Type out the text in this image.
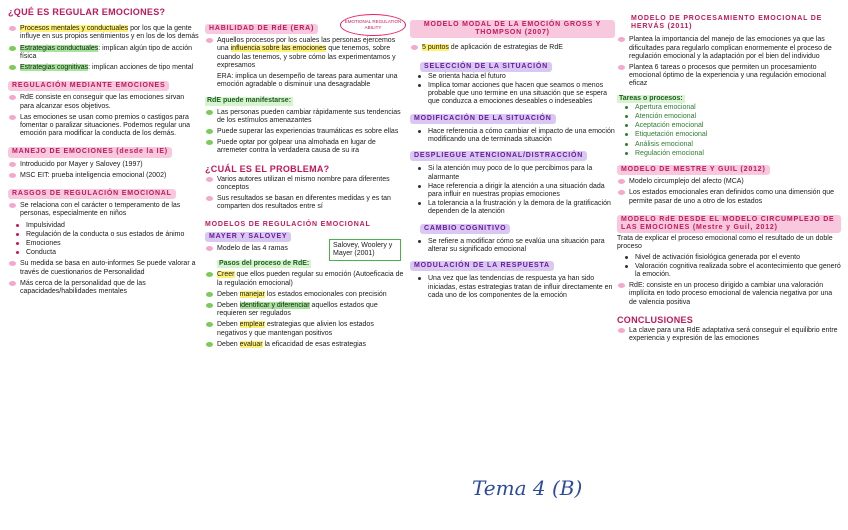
¿QUÉ ES REGULAR EMOCIONES?
Procesos mentales y conductuales por los que la gente influye en sus propios sentimientos y en los de los demás
Estrategias conductuales: implican algún tipo de acción física
Estrategias cognitivas: implican acciones de tipo mental
REGULACIÓN MEDIANTE EMOCIONES
RdE consiste en conseguir que las emociones sirvan para alcanzar esos objetivos.
Las emociones se usan como premios o castigos para fomentar o paralizar situaciones. Podemos regular una emoción para modificar la conducta de los demás.
MANEJO DE EMOCIONES (desde la IE)
Introducido por Mayer y Salovey (1997)
MSC EIT: prueba inteligencia emocional (2002)
RASGOS DE REGULACIÓN EMOCIONAL
Se relaciona con el carácter o temperamento de las personas, especialmente en niños
Impulsividad
Regulación de la conducta o sus estados de ánimo
Emociones
Conducta
Su medida se basa en auto-informes Se puede valorar a través de cuestionarios de Personalidad
Más cerca de la personalidad que de las capacidades/habilidades mentales
EMOTIONAL REGULATION ABILITY
HABILIDAD DE RdE (ERA)
Aquellos procesos por los cuales las personas ejercemos una influencia sobre las emociones que tenemos, sobre cuando las tenemos, y sobre cómo las experimentamos y expresamos

ERA: implica un desempeño de tareas para aumentar una emoción agradable o disminuir una desagradable

RdE puede manifestarse:
Las personas pueden cambiar rápidamente sus tendencias de los estímulos amenazantes
Puede superar las experiencias traumáticas es sobre ellas
Puede optar por golpear una almohada en lugar de arremeter contra la verdadera causa de su ira
¿CUÁL ES EL PROBLEMA?
Varios autores utilizan el mismo nombre para diferentes conceptos
Sus resultados se basan en diferentes medidas y es tan comparten dos resultados entre sí
MODELOS DE REGULACIÓN EMOCIONAL
MAYER Y SALOVEY
Modelo de las 4 ramas	Salovey, Woolery y Mayer (2001)
Pasos del proceso de RdE:
Creer que ellos pueden regular su emoción (Autoeficacia de la regulación emocional)
Deben manejar los estados emocionales con precisión
Deben identificar y diferenciar aquellos estados que requieren ser regulados
Deben emplear estrategias que alivien los estados negativos y que mantengan positivos
Deben evaluar la eficacidad de esas estrategias
MODELO MODAL DE LA EMOCIÓN GROSS Y THOMPSON (2007)
5 puntos de aplicación de estrategias de RdE
SELECCIÓN DE LA SITUACIÓN
Se orienta hacia el futuro
Implica tomar acciones que hacen que seamos o menos probable que uno termine en una situación que se espera que conduzca a emociones deseables o indeseables
MODIFICACIÓN DE LA SITUACIÓN
Hace referencia a cómo cambiar el impacto de una emoción modificando una de terminada situación
DESPLIEGUE ATENCIONAL/DISTRACCIÓN
Si la atención muy poco de lo que percibimos para la alarmante
Hace referencia a dirigir la atención a una situación dada para influir en nuestras propias emociones
La tolerancia a la frustración y la demora de la gratificación dependen de la atención
CAMBIO COGNITIVO
Se refiere a modificar cómo se evalúa una situación para alterar su significado emocional
MODULACIÓN DE LA RESPUESTA
Una vez que las tendencias de respuesta ya han sido iniciadas, estas estrategias tratan de influir directamente en cada uno de los componentes de la emoción
Tema 4 (B)
MODELO DE PROCESAMIENTO EMOCIONAL DE HERVÁS (2011)
Plantea la importancia del manejo de las emociones ya que las dificultades para regularlo complican enormemente el proceso de regulación emocional y la adaptación por el bien del individuo
Plantea 6 tareas o procesos que permiten un procesamiento emocional óptimo de la experiencia y una regulación emocional eficaz
Tareas o procesos:
Apertura emocional
Atención emocional
Aceptación emocional
Etiquetación emocional
Análisis emocional
Regulación emocional
MODELO DE MESTRE Y GUIL (2012)
Modelo circumplejo del afecto (MCA)
Los estados emocionales eran definidos como una dimensión que permite pasar de uno a otro de los estados
MODELO RdE DESDE EL MODELO CIRCUMPLEJO DE LAS EMOCIONES (Mestre y Guil, 2012)

Trata de explicar el proceso emocional como el resultado de un doble proceso

Nivel de activación fisiológica generada por el evento
Valoración cognitiva realizada sobre el acontecimiento que generó la emoción.
RdE: consiste en un proceso dirigido a cambiar una valoración implícita en todo proceso emocional de valencia negativa por una de valencia positiva
CONCLUSIONES
La clave para una RdE adaptativa será conseguir el equilibrio entre experiencia y expresión de las emociones
